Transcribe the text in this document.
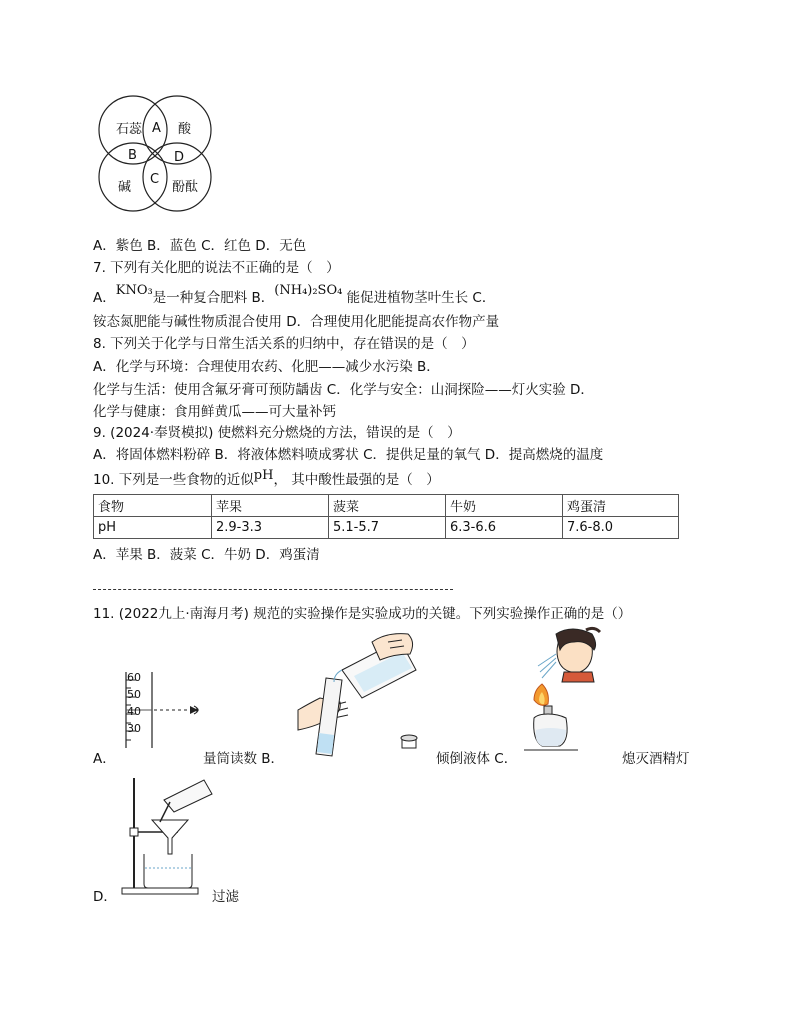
石蕊	酸
碱	酚酞
A
B
C
D
A．紫色 B．蓝色 C．红色 D．无色
7. 下列有关化肥的说法不正确的是（　）
A．KNO₃是一种复合肥料 B．(NH₄)₂SO₄ 能促进植物茎叶生长 C．
铵态氮肥能与碱性物质混合使用 D．合理使用化肥能提高农作物产量
8. 下列关于化学与日常生活关系的归纳中，存在错误的是（　）
A．化学与环境：合理使用农药、化肥——减少水污染 B．
化学与生活：使用含氟牙膏可预防龋齿 C．化学与安全：山洞探险——灯火实验 D．
化学与健康：食用鲜黄瓜——可大量补钙
9. (2024·奉贤模拟) 使燃料充分燃烧的方法，错误的是（　）
A．将固体燃料粉碎 B．将液体燃料喷成雾状 C．提供足量的氧气 D．提高燃烧的温度
10. 下列是一些食物的近似pH， 其中酸性最强的是（　）
食物	苹果	菠菜	牛奶	鸡蛋清
pH	2.9-3.3	5.1-5.7	6.3-6.6	7.6-8.0
A．苹果 B．菠菜 C．牛奶 D．鸡蛋清
11. (2022九上·南海月考) 规范的实验操作是实验成功的关键。下列实验操作正确的是（）
A．
60
50
40
30
量筒读数 B．	倾倒液体 C．	熄灭酒精灯
D．	过滤
